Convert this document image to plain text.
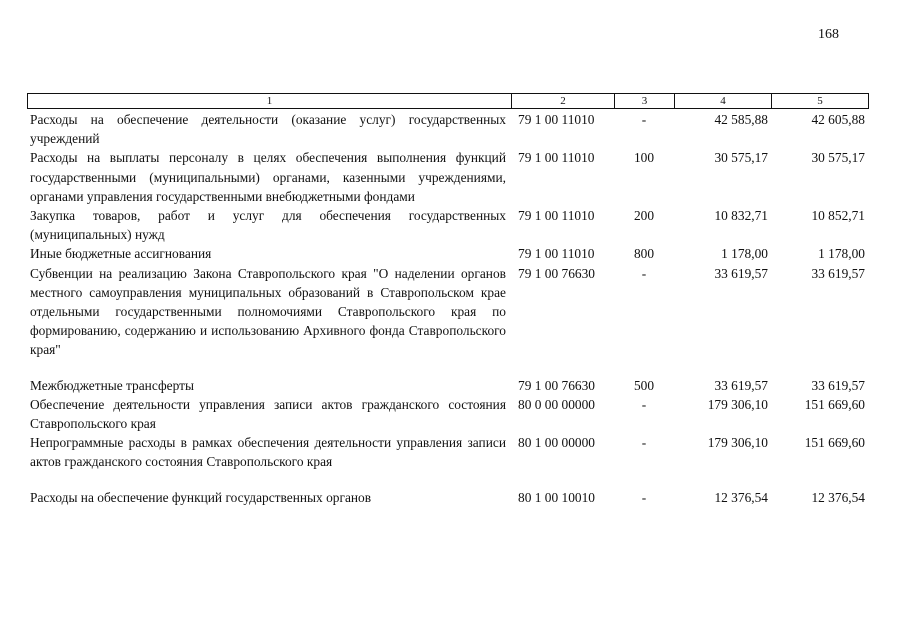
168
1	2	3	4	5
Расходы на обеспечение деятельности (оказание услуг) государственных учреждений	79 1 00 11010	-	42 585,88	42 605,88
Расходы на выплаты персоналу в целях обеспечения выполнения функций государственными (муниципальными) органами, казенными учреждениями, органами управления государственными внебюджетными фондами	79 1 00 11010	100	30 575,17	30 575,17
Закупка товаров, работ и услуг для обеспечения государственных (муниципальных) нужд	79 1 00 11010	200	10 832,71	10 852,71
Иные бюджетные ассигнования	79 1 00 11010	800	1 178,00	1 178,00
Субвенции на реализацию Закона Ставропольского края "О наделении органов местного самоуправления муниципальных образований в Ставропольском крае отдельными государственными полномочиями Ставропольского края по формированию, содержанию и использованию Архивного фонда Ставропольского края"	79 1 00 76630	-	33 619,57	33 619,57

Межбюджетные трансферты	79 1 00 76630	500	33 619,57	33 619,57
Обеспечение деятельности управления записи актов гражданского состояния Ставропольского края	80 0 00 00000	-	179 306,10	151 669,60
Непрограммные расходы в рамках обеспечения деятельности управления записи актов гражданского состояния Ставропольского края	80 1 00 00000	-	179 306,10	151 669,60

Расходы на обеспечение функций государственных органов	80 1 00 10010	-	12 376,54	12 376,54
